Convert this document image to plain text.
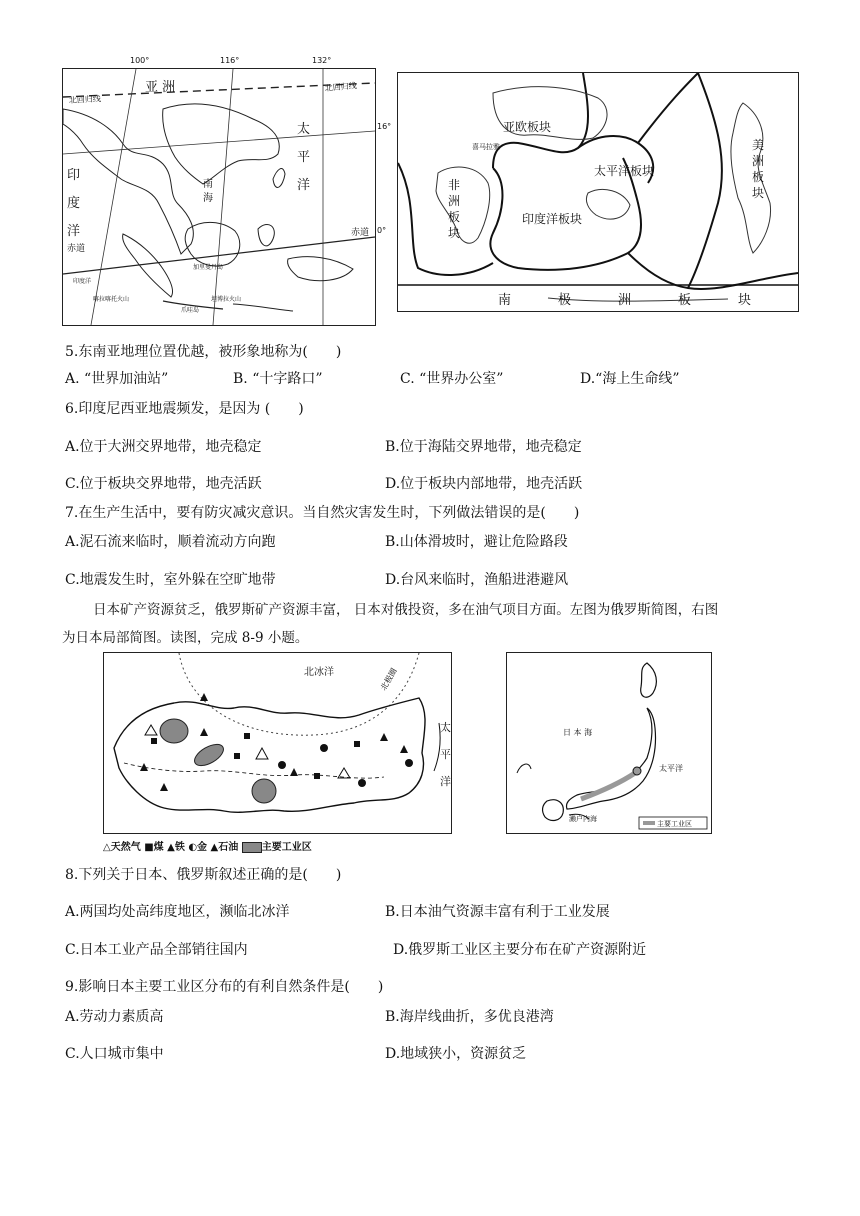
亚 洲
北回归线
北回归线
太
平
洋
印
度
洋
南
海
赤道
赤道
加里曼丹岛
爪哇岛
坦博拉火山
喀拉喀托火山
印度洋
100°	116°	132°
16°
0°
亚欧板块
太平洋板块
印度洋板块
喜马拉雅
非
洲
板
块
美
洲
板
块
南	极	洲	板	块
5.东南亚地理位置优越，被形象地称为(　　)
A. “世界加油站”	B. “十字路口”	C. “世界办公室”	D.“海上生命线”
6.印度尼西亚地震频发，是因为 (　　)
A.位于大洲交界地带，地壳稳定	B.位于海陆交界地带，地壳稳定
C.位于板块交界地带，地壳活跃	D.位于板块内部地带，地壳活跃
7.在生产生活中，要有防灾减灾意识。当自然灾害发生时，下列做法错误的是(　　)
A.泥石流来临时，顺着流动方向跑	B.山体滑坡时，避让危险路段
C.地震发生时，室外躲在空旷地带	D.台风来临时，渔船进港避风
日本矿产资源贫乏，俄罗斯矿产资源丰富， 日本对俄投资，多在油气项目方面。左图为俄罗斯简图，右图
为日本局部简图。读图，完成 8-9 小题。
北极圈
北冰洋
太
平
洋
△天然气 ■煤 ▲铁 ◐金 ▲石油 主要工业区
日 本 海
太平洋
濑户内海
主要工业区
8.下列关于日本、俄罗斯叙述正确的是(　　)
A.两国均处高纬度地区，濒临北冰洋	B.日本油气资源丰富有利于工业发展
C.日本工业产品全部销往国内	D.俄罗斯工业区主要分布在矿产资源附近
9.影响日本主要工业区分布的有利自然条件是(　　)
A.劳动力素质高	B.海岸线曲折，多优良港湾
C.人口城市集中	D.地域狭小，资源贫乏
